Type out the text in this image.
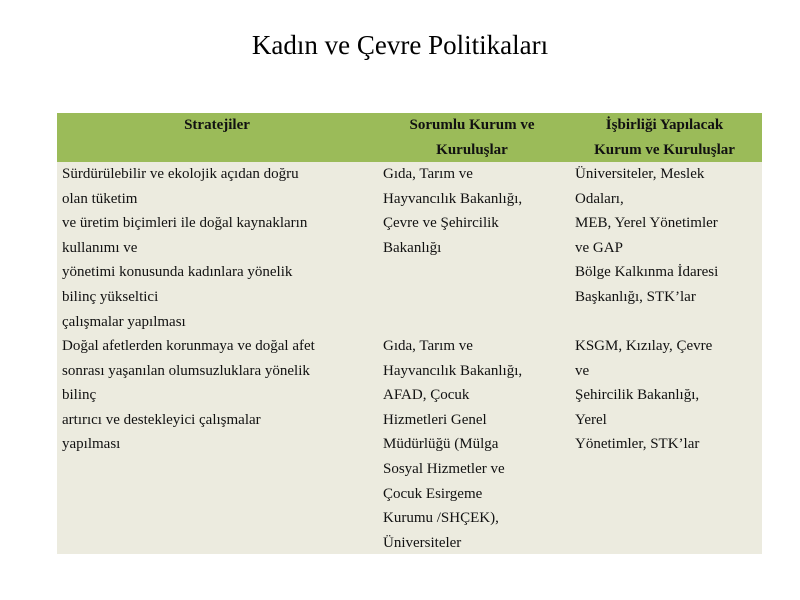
Kadın ve Çevre Politikaları
Stratejiler	Sorumlu Kurum ve
Kuruluşlar
İşbirliği Yapılacak
Kurum ve Kuruluşlar
Sürdürülebilir ve ekolojik açıdan doğru
olan tüketim
ve üretim biçimleri ile doğal kaynakların
kullanımı ve
yönetimi konusunda kadınlara yönelik
bilinç yükseltici
çalışmalar yapılması
Gıda, Tarım ve
Hayvancılık Bakanlığı,
Çevre ve Şehircilik
Bakanlığı
Üniversiteler, Meslek
Odaları,
MEB, Yerel Yönetimler
ve GAP
Bölge Kalkınma İdaresi
Başkanlığı, STK’lar
Doğal afetlerden korunmaya ve doğal afet
sonrası yaşanılan olumsuzluklara yönelik
bilinç
artırıcı ve destekleyici çalışmalar
yapılması
Gıda, Tarım ve
Hayvancılık Bakanlığı,
AFAD, Çocuk
Hizmetleri Genel
Müdürlüğü (Mülga
Sosyal Hizmetler ve
Çocuk Esirgeme
Kurumu /SHÇEK),
Üniversiteler
KSGM, Kızılay, Çevre
ve
Şehircilik Bakanlığı,
Yerel
Yönetimler, STK’lar
